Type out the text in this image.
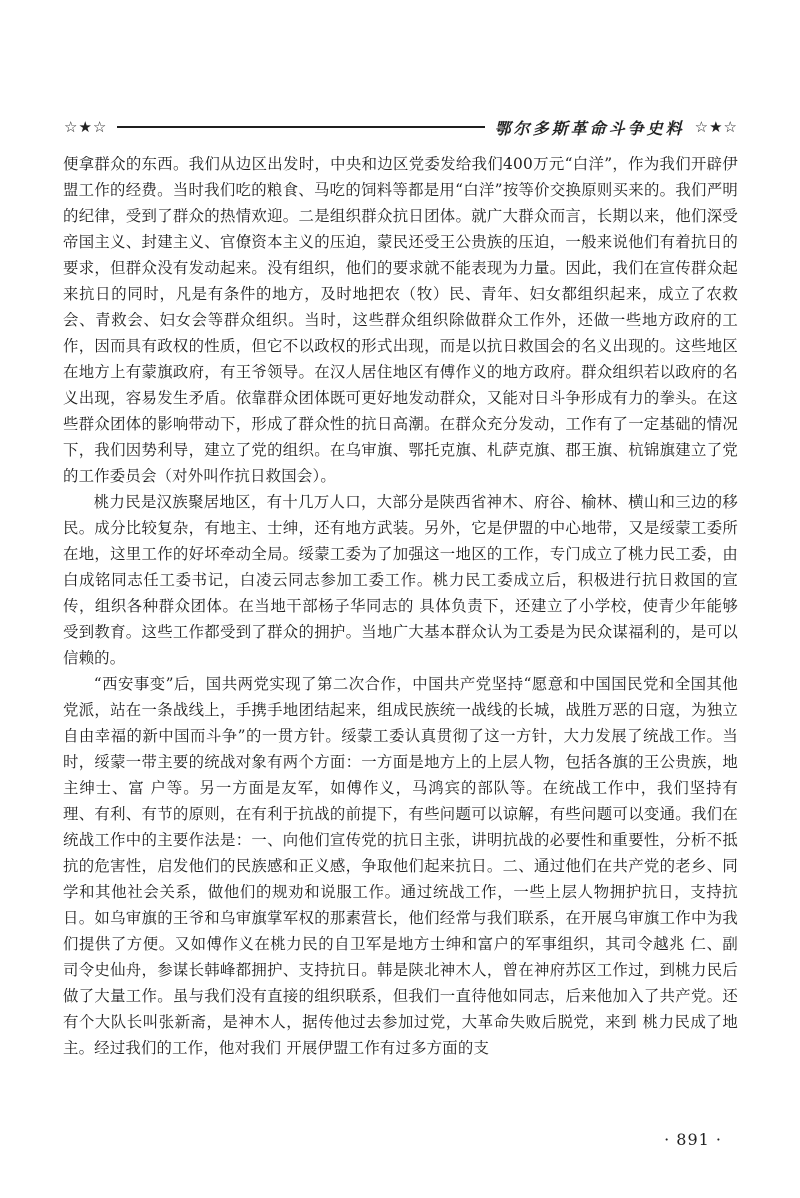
☆★☆	鄂尔多斯革命斗争史料 ☆★☆

便拿群众的东西。我们从边区出发时，中央和边区党委发给我们400万元“白洋”，作为我们开辟伊盟工作的经费。当时我们吃的粮食、马吃的饲料等都是用“白洋”按等价交换原则买来的。我们严明的纪律，受到了群众的热情欢迎。二是组织群众抗日团体。就广大群众而言，长期以来，他们深受帝国主义、封建主义、官僚资本主义的压迫，蒙民还受王公贵族的压迫，一般来说他们有着抗日的要求，但群众没有发动起来。没有组织，他们的要求就不能表现为力量。因此，我们在宣传群众起来抗日的同时，凡是有条件的地方，及时地把农（牧）民、青年、妇女都组织起来，成立了农救会、青救会、妇女会等群众组织。当时，这些群众组织除做群众工作外，还做一些地方政府的工作，因而具有政权的性质，但它不以政权的形式出现，而是以抗日救国会的名义出现的。这些地区在地方上有蒙旗政府，有王爷领导。在汉人居住地区有傅作义的地方政府。群众组织若以政府的名义出现，容易发生矛盾。依靠群众团体既可更好地发动群众，又能对日斗争形成有力的拳头。在这些群众团体的影响带动下，形成了群众性的抗日高潮。在群众充分发动，工作有了一定基础的情况下，我们因势利导，建立了党的组织。在乌审旗、鄂托克旗、札萨克旗、郡王旗、杭锦旗建立了党的工作委员会（对外叫作抗日救国会）。

桃力民是汉族聚居地区，有十几万人口，大部分是陕西省神木、府谷、榆林、横山和三边的移民。成分比较复杂，有地主、士绅，还有地方武装。另外，它是伊盟的中心地带，又是绥蒙工委所在地，这里工作的好坏牵动全局。绥蒙工委为了加强这一地区的工作，专门成立了桃力民工委，由白成铭同志任工委书记，白凌云同志参加工委工作。桃力民工委成立后，积极进行抗日救国的宣传，组织各种群众团体。在当地干部杨子华同志的 具体负责下，还建立了小学校，使青少年能够受到教育。这些工作都受到了群众的拥护。当地广大基本群众认为工委是为民众谋福利的，是可以信赖的。

“西安事变”后，国共两党实现了第二次合作，中国共产党坚持“愿意和中国国民党和全国其他党派，站在一条战线上，手携手地团结起来，组成民族统一战线的长城，战胜万恶的日寇，为独立自由幸福的新中国而斗争”的一贯方针。绥蒙工委认真贯彻了这一方针，大力发展了统战工作。当时，绥蒙一带主要的统战对象有两个方面：一方面是地方上的上层人物，包括各旗的王公贵族，地主绅士、富 户等。另一方面是友军，如傅作义，马鸿宾的部队等。在统战工作中，我们坚持有理、有利、有节的原则，在有利于抗战的前提下，有些问题可以谅解，有些问题可以变通。我们在统战工作中的主要作法是：一、向他们宣传党的抗日主张，讲明抗战的必要性和重要性，分析不抵抗的危害性，启发他们的民族感和正义感，争取他们起来抗日。二、通过他们在共产党的老乡、同学和其他社会关系，做他们的规劝和说服工作。通过统战工作，一些上层人物拥护抗日，支持抗日。如乌审旗的王爷和乌审旗掌军权的那素营长，他们经常与我们联系，在开展乌审旗工作中为我们提供了方便。又如傅作义在桃力民的自卫军是地方士绅和富户的军事组织，其司令越兆 仁、副司令史仙舟，参谋长韩峰都拥护、支持抗日。韩是陕北神木人，曾在神府苏区工作过，到桃力民后做了大量工作。虽与我们没有直接的组织联系，但我们一直待他如同志，后来他加入了共产党。还有个大队长叫张新斋，是神木人，据传他过去参加过党，大革命失败后脱党，来到 桃力民成了地主。经过我们的工作，他对我们 开展伊盟工作有过多方面的支

· 891 ·
